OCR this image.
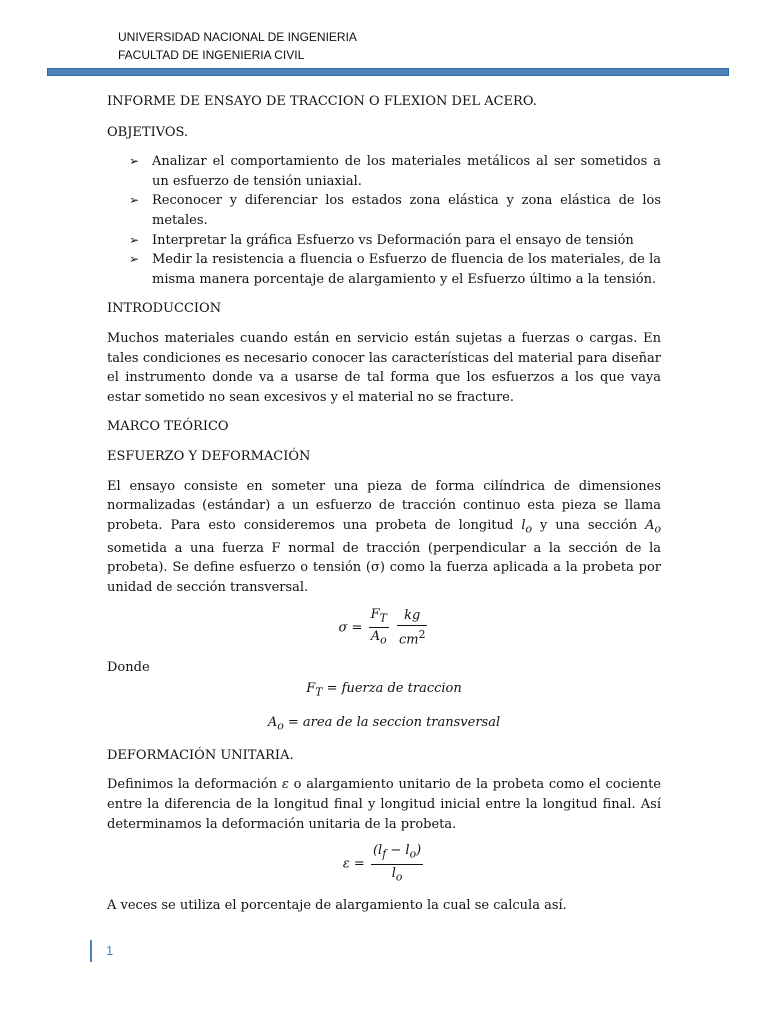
UNIVERSIDAD NACIONAL DE INGENIERIA
FACULTAD DE INGENIERIA CIVIL

INFORME DE ENSAYO DE TRACCION O FLEXION DEL ACERO.

OBJETIVOS.

➢ Analizar el comportamiento de los materiales metálicos al ser sometidos a un esfuerzo de tensión uniaxial.
➢ Reconocer y diferenciar los estados zona elástica y zona elástica de los metales.
➢ Interpretar la gráfica Esfuerzo vs Deformación para el ensayo de tensión
➢ Medir la resistencia a fluencia o Esfuerzo de fluencia de los materiales, de la misma manera porcentaje de alargamiento y el Esfuerzo último a la tensión.

INTRODUCCION

Muchos materiales cuando están en servicio están sujetas a fuerzas o cargas. En tales condiciones es necesario conocer las características del material para diseñar el instrumento donde va a usarse de tal forma que los esfuerzos a los que vaya estar sometido no sean excesivos y el material no se fracture.

MARCO TEÓRICO

ESFUERZO Y DEFORMACIÓN

El ensayo consiste en someter una pieza de forma cilíndrica de dimensiones normalizadas (estándar) a un esfuerzo de tracción continuo esta pieza se llama probeta. Para esto consideremos una probeta de longitud $l_o$ y una sección $A_o$ sometida a una fuerza F normal de tracción (perpendicular a la sección de la probeta). Se define esfuerzo o tensión (σ) como la fuerza aplicada a la probeta por unidad de sección transversal.

$\sigma = \frac{F_T}{A_o}$
$\frac{kg}{cm^2}$

Donde

$F_T$ = fuerza de traccion
$A_o$ = area de la seccion transversal

DEFORMACIÓN UNITARIA.

Definimos la deformación ε o alargamiento unitario de la probeta como el cociente entre la diferencia de la longitud final y longitud inicial entre la longitud final. Así determinamos la deformación unitaria de la probeta.

$\varepsilon = \frac{(l_f - l_o)}{l_o}$

A veces se utiliza el porcentaje de alargamiento la cual se calcula así.

1
